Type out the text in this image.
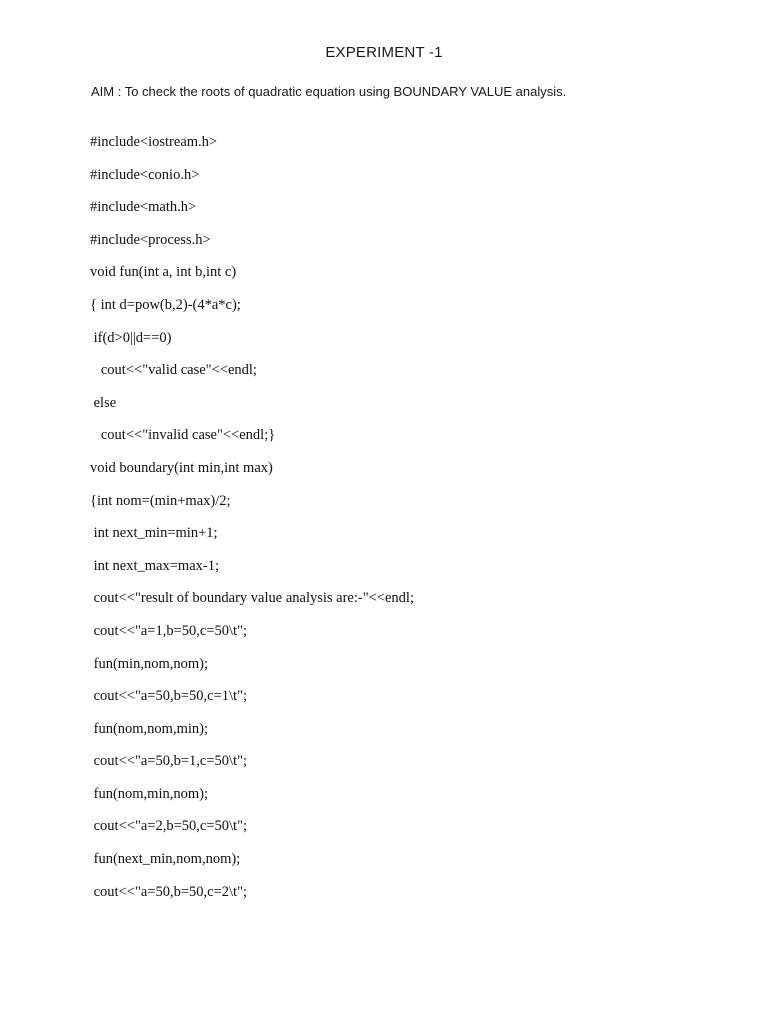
EXPERIMENT -1
AIM : To check the roots of quadratic equation using BOUNDARY VALUE analysis.
#include<iostream.h>
#include<conio.h>
#include<math.h>
#include<process.h>
void fun(int a, int b,int c)
{ int d=pow(b,2)-(4*a*c);
if(d>0||d==0)
cout<<"valid case"<<endl;
else
cout<<"invalid case"<<endl;}
void boundary(int min,int max)
{int nom=(min+max)/2;
int next_min=min+1;
int next_max=max-1;
cout<<"result of boundary value analysis are:-"<<endl;
cout<<"a=1,b=50,c=50\t";
fun(min,nom,nom);
cout<<"a=50,b=50,c=1\t";
fun(nom,nom,min);
cout<<"a=50,b=1,c=50\t";
fun(nom,min,nom);
cout<<"a=2,b=50,c=50\t";
fun(next_min,nom,nom);
cout<<"a=50,b=50,c=2\t";
